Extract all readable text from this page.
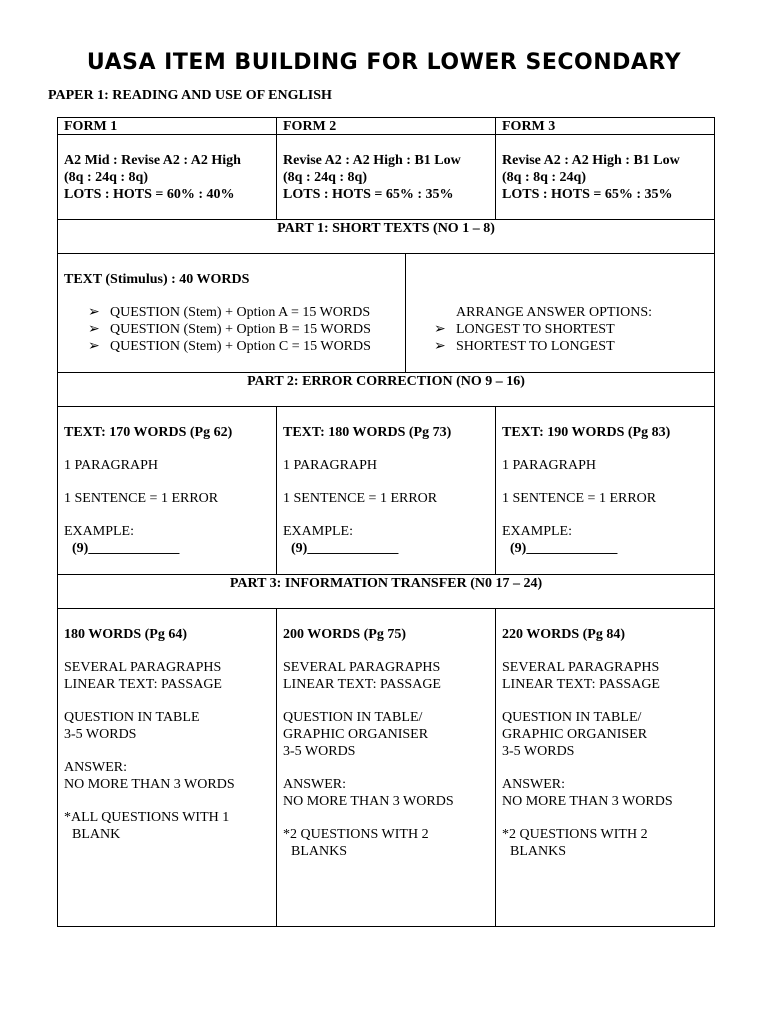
UASA ITEM BUILDING FOR LOWER SECONDARY
PAPER 1: READING AND USE OF ENGLISH
FORM 1	FORM 2	FORM 3
A2 Mid : Revise A2 : A2 High
(8q : 24q : 8q)
LOTS : HOTS = 60% : 40%
Revise A2 : A2 High : B1 Low
(8q : 24q : 8q)
LOTS : HOTS = 65% : 35%
Revise A2 : A2 High : B1 Low
(8q : 8q : 24q)
LOTS : HOTS = 65% : 35%
PART 1: SHORT TEXTS (NO 1 – 8)
TEXT (Stimulus) : 40 WORDS
➢ QUESTION (Stem) + Option A = 15 WORDS
➢ QUESTION (Stem) + Option B = 15 WORDS
➢ QUESTION (Stem) + Option C = 15 WORDS
ARRANGE ANSWER OPTIONS:
➢ LONGEST TO SHORTEST
➢ SHORTEST TO LONGEST
PART 2: ERROR CORRECTION (NO 9 – 16)
TEXT: 170 WORDS (Pg 62)
1 PARAGRAPH
1 SENTENCE = 1 ERROR
EXAMPLE:
(9)_____________
TEXT: 180 WORDS (Pg 73)
1 PARAGRAPH
1 SENTENCE = 1 ERROR
EXAMPLE:
(9)_____________
TEXT: 190 WORDS (Pg 83)
1 PARAGRAPH
1 SENTENCE = 1 ERROR
EXAMPLE:
(9)_____________
PART 3: INFORMATION TRANSFER (N0 17 – 24)
180 WORDS (Pg 64)
SEVERAL PARAGRAPHS
LINEAR TEXT: PASSAGE
QUESTION IN TABLE
3-5 WORDS
ANSWER:
NO MORE THAN 3 WORDS
*ALL QUESTIONS WITH 1
BLANK
200 WORDS (Pg 75)
SEVERAL PARAGRAPHS
LINEAR TEXT: PASSAGE
QUESTION IN TABLE/
GRAPHIC ORGANISER
3-5 WORDS
ANSWER:
NO MORE THAN 3 WORDS
*2 QUESTIONS WITH 2
BLANKS
220 WORDS (Pg 84)
SEVERAL PARAGRAPHS
LINEAR TEXT: PASSAGE
QUESTION IN TABLE/
GRAPHIC ORGANISER
3-5 WORDS
ANSWER:
NO MORE THAN 3 WORDS
*2 QUESTIONS WITH 2
BLANKS
